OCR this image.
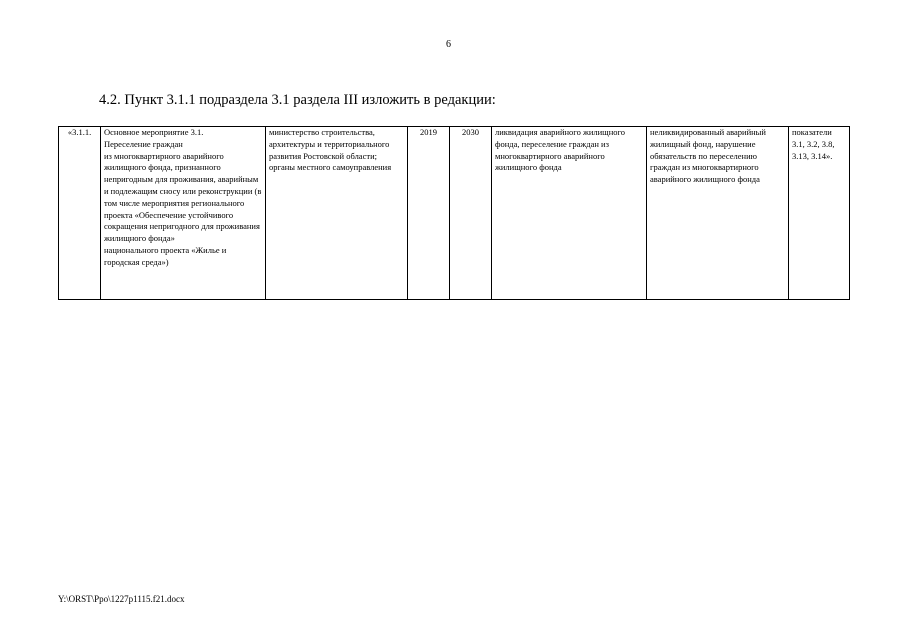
6
4.2. Пункт 3.1.1 подраздела 3.1 раздела III изложить в редакции:
«3.1.1.	Основное мероприятие 3.1.
Переселение граждан
из многоквартирного аварийного жилищного фонда, признанного непригодным для проживания, аварийным и подлежащим сносу или реконструкции (в том числе мероприятия регионального проекта «Обеспечение устойчивого сокращения непригодного для проживания жилищного фонда»
национального проекта «Жилье и городская среда»)	министерство строительства, архитектуры и территориального развития Ростовской области;
органы местного самоуправления	2019	2030	ликвидация аварийного жилищного фонда, переселение граждан из многоквартирного аварийного жилищного фонда	неликвидированный аварийный жилищный фонд, нарушение обязательств по переселению граждан из многоквартирного аварийного жилищного фонда	показатели 3.1, 3.2, 3.8, 3.13, 3.14».
Y:\ORST\Ppo\1227p1115.f21.docx
